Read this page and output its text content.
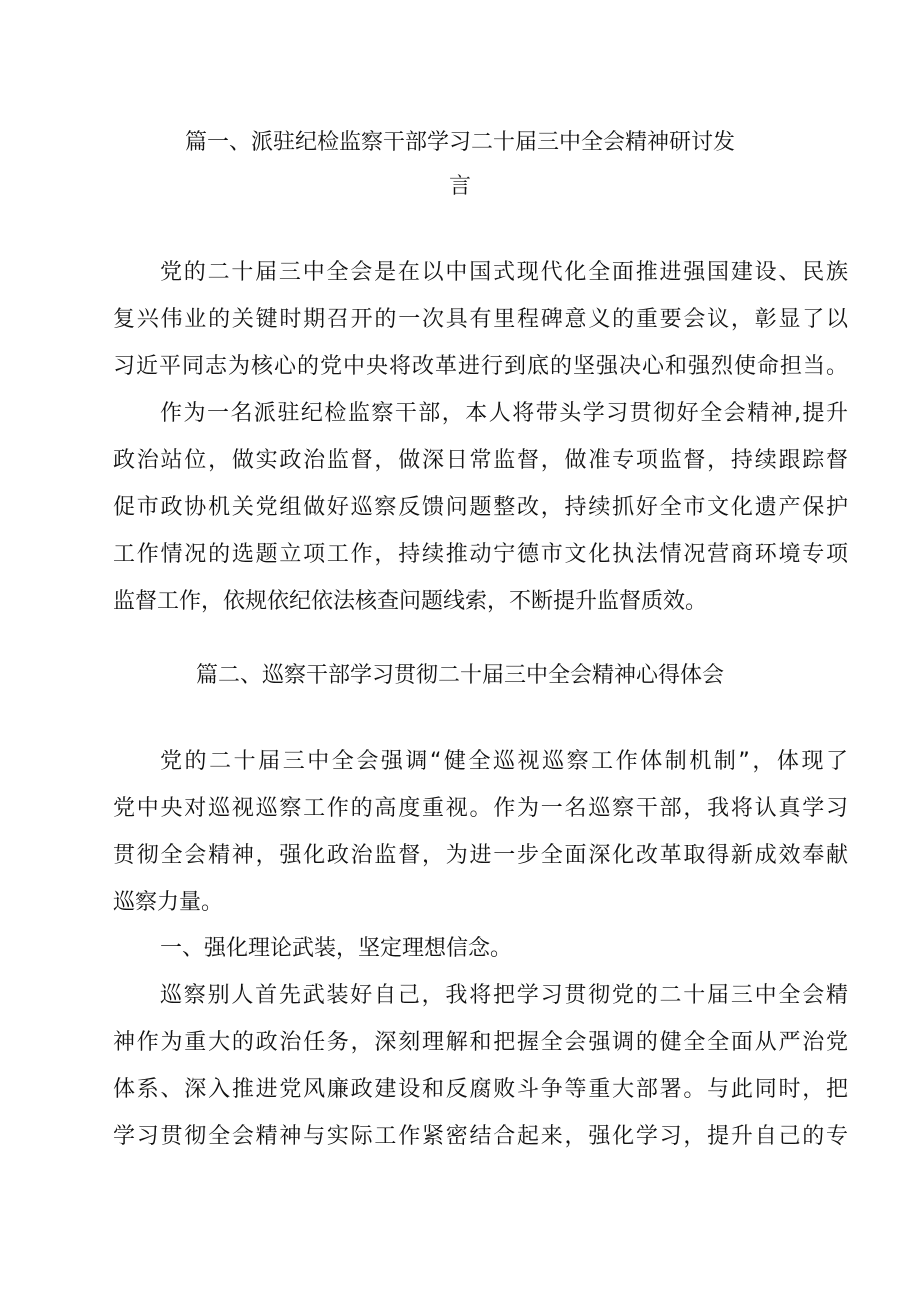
篇一、派驻纪检监察干部学习二十届三中全会精神研讨发
言
党的二十届三中全会是在以中国式现代化全面推进强国建设、民族
复兴伟业的关键时期召开的一次具有里程碑意义的重要会议，彰显了以
习近平同志为核心的党中央将改革进行到底的坚强决心和强烈使命担当。
作为一名派驻纪检监察干部，本人将带头学习贯彻好全会精神,提升
政治站位，做实政治监督，做深日常监督，做准专项监督，持续跟踪督
促市政协机关党组做好巡察反馈问题整改，持续抓好全市文化遗产保护
工作情况的选题立项工作，持续推动宁德市文化执法情况营商环境专项
监督工作，依规依纪依法核查问题线索，不断提升监督质效。
篇二、巡察干部学习贯彻二十届三中全会精神心得体会
党的二十届三中全会强调“健全巡视巡察工作体制机制”，体现了
党中央对巡视巡察工作的高度重视。作为一名巡察干部，我将认真学习
贯彻全会精神，强化政治监督，为进一步全面深化改革取得新成效奉献
巡察力量。
一、强化理论武装，坚定理想信念。
巡察别人首先武装好自己，我将把学习贯彻党的二十届三中全会精
神作为重大的政治任务，深刻理解和把握全会强调的健全全面从严治党
体系、深入推进党风廉政建设和反腐败斗争等重大部署。与此同时，把
学习贯彻全会精神与实际工作紧密结合起来，强化学习，提升自己的专
